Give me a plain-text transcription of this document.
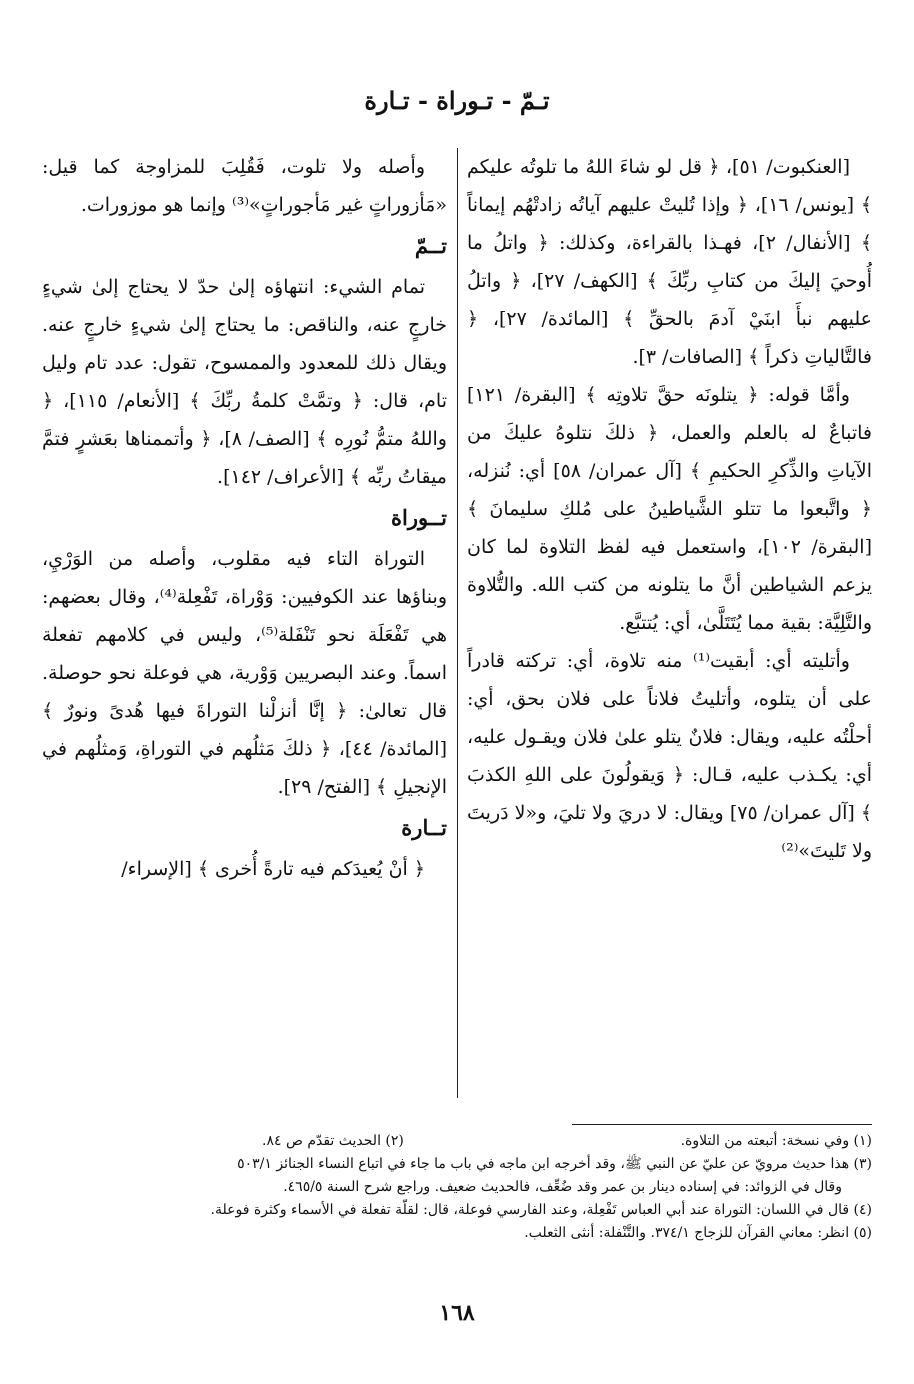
تـمّ - تـوراة - تـارة

[العنكبوت/ ٥١]، ﴿ قل لو شاءَ اللهُ ما تلوتُه عليكم ﴾ [يونس/ ١٦]، ﴿ وإذا تُليتْ عليهم آياتُه زادتْهُم إيماناً ﴾ [الأنفال/ ٢]، فهـذا بالقراءة، وكذلك: ﴿ واتلُ ما أُوحيَ إليكَ من كتابِ ربِّكَ ﴾ [الكهف/ ٢٧]، ﴿ واتلُ عليهم نبأَ ابنَيْ آدمَ بالحقِّ ﴾ [المائدة/ ٢٧]، ﴿ فالتَّالياتِ ذكراً ﴾ [الصافات/ ٣].

وأمَّا قوله: ﴿ يتلونَه حقَّ تلاوتِه ﴾ [البقرة/ ١٢١] فاتباعٌ له بالعلم والعمل، ﴿ ذلكَ نتلوهُ عليكَ من الآياتِ والذِّكرِ الحكيمِ ﴾ [آل عمران/ ٥٨] أي: نُنزله، ﴿ واتَّبعوا ما تتلو الشَّياطينُ على مُلكِ سليمانَ ﴾ [البقرة/ ١٠٢]، واستعمل فيه لفظ التلاوة لما كان يزعم الشياطين أنَّ ما يتلونه من كتب الله. والتُّلاوة والتَّلِيَّة: بقية مما يُتَتَلَّىٰ، أي: يُتتبَّع.

وأتليته أي: أبقيت⁽¹⁾ منه تلاوة، أي: تركته قادراً على أن يتلوه، وأتليتُ فلاناً على فلان بحق، أي: أحلْتُه عليه، ويقال: فلانٌ يتلو علىٰ فلان ويقـول عليه، أي: يكـذب عليه، قـال: ﴿ وَيقولُونَ على اللهِ الكذبَ ﴾ [آل عمران/ ٧٥] ويقال: لا دريَ ولا تليَ، و«لا دَريتَ ولا تَليتَ»⁽²⁾

وأصله ولا تلوت، فَقُلِبَ للمزاوجة كما قيل: «مَأزوراتٍ غير مَأجوراتٍ»⁽³⁾ وإنما هو موزورات.

تــمّ

تمام الشيء: انتهاؤه إلىٰ حدّ لا يحتاج إلىٰ شيءٍ خارجٍ عنه، والناقص: ما يحتاج إلىٰ شيءٍ خارجٍ عنه. ويقال ذلك للمعدود والممسوح، تقول: عدد تام وليل تام، قال: ﴿ وتمَّتْ كلمةُ ربِّكَ ﴾ [الأنعام/ ١١٥]، ﴿ واللهُ متمُّ نُورِه ﴾ [الصف/ ٨]، ﴿ وأتممناها بعَشرٍ فتمَّ ميقاتُ ربِّه ﴾ [الأعراف/ ١٤٢].

تــوراة

التوراة التاء فيه مقلوب، وأصله من الوَرْيِ، وبناؤها عند الكوفيين: وَوْراة، تَفْعِلة⁽⁴⁾، وقال بعضهم: هي تَفْعَلَة نحو تَنْفَلة⁽⁵⁾، وليس في كلامهم تفعلة اسماً. وعند البصريين وَوْرية، هي فوعلة نحو حوصلة. قال تعالىٰ: ﴿ إنَّا أنزلْنا التوراةَ فيها هُدىً ونورٌ ﴾ [المائدة/ ٤٤]، ﴿ ذلكَ مَثلُهم في التوراةِ، وَمثلُهم في الإنجيلِ ﴾ [الفتح/ ٢٩].

تــارة

﴿ أنْ يُعيدَكم فيه تارةً أُخرى ﴾ [الإسراء/

(١) وفي نسخة: أتبعته من التلاوة.
(٢) الحديث تقدّم ص ٨٤.
(٣) هذا حديث مرويّ عن عليّ عن النبي ﷺ، وقد أخرجه ابن ماجه في باب ما جاء في اتباع النساء الجنائز ٥٠٣/١
وقال في الزوائد: في إسناده دينار بن عمر وقد ضُعِّف، فالحديث ضعيف. وراجع شرح السنة ٤٦٥/٥.
(٤) قال في اللسان: التوراة عند أبي العباس تَفْعِلة، وعند الفارسي فوعلة، قال: لقلّة تفعلة في الأسماء وكثرة فوعلة.
(٥) انظر: معاني القرآن للزجاج ٣٧٤/١. والتَّنْفلة: أنثى الثعلب.
١٦٨
